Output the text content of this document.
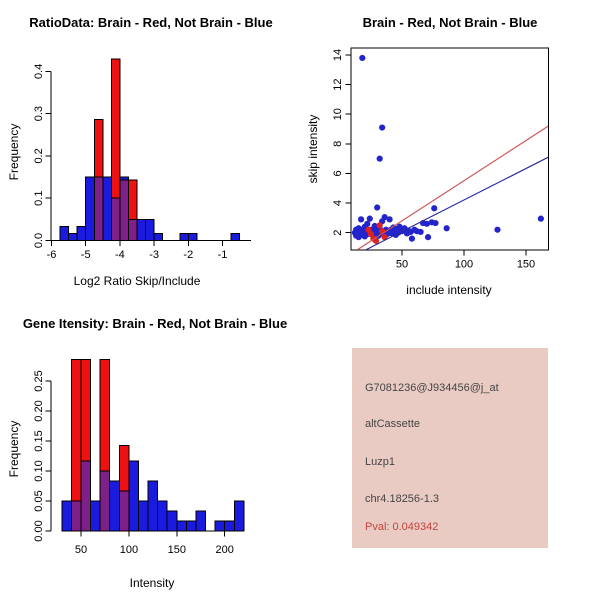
-6 -5 -4 -3 -2 -1
0.0
0.1
0.2
0.3
0.4
50	100	150
2
4
6
8
10
12
14
50	100	150	200
0.00
0.05
0.10
0.15
0.20
0.25
RatioData: Brain - Red, Not Brain - Blue	Brain - Red, Not Brain - Blue
Gene Itensity: Brain - Red, Not Brain - Blue
Log2 Ratio Skip/Include
Frequency
include intensity
skip intensity
Intensity
Frequency
G7081236@J934456@j_at
altCassette
Luzp1
chr4.18256-1.3
Pval: 0.049342
